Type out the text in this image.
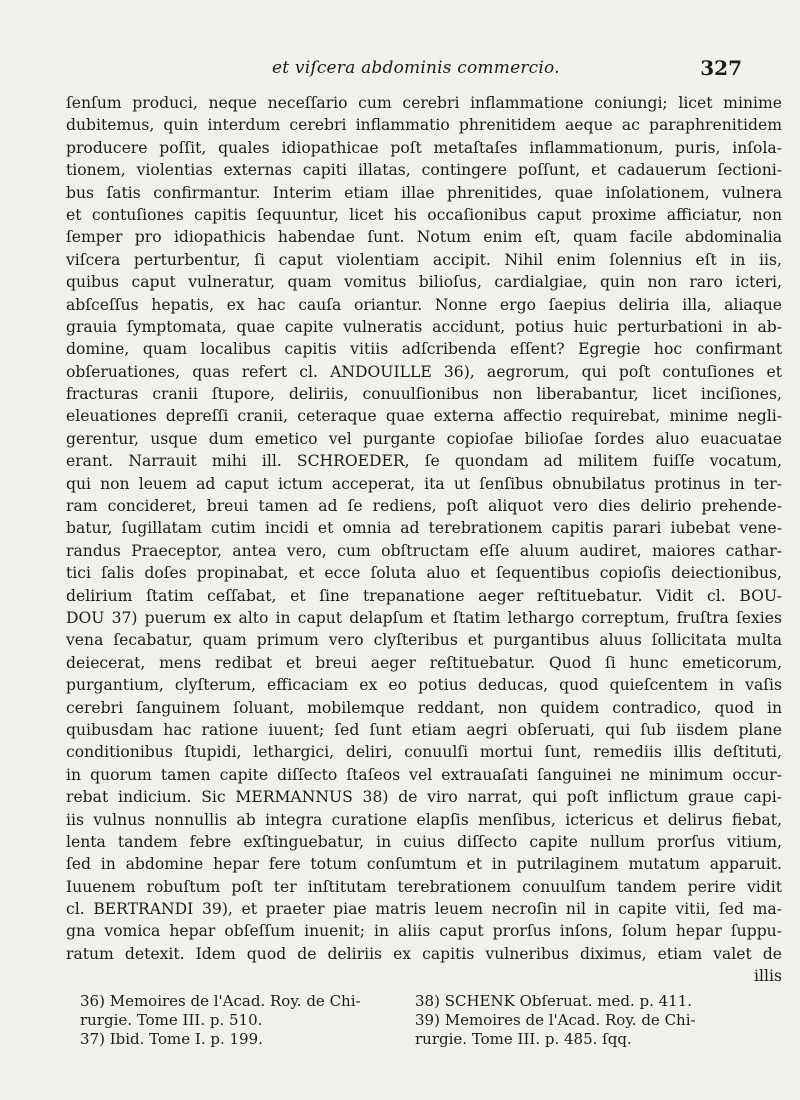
et viſcera abdominis commercio.	327
ſenſum produci, neque neceſſario cum cerebri inflammatione coniungi; licet minime
dubitemus, quin interdum cerebri inflammatio phrenitidem aeque ac paraphrenitidem
producere poſſit, quales idiopathicae poſt metaſtaſes inflammationum, puris, inſola-
tionem, violentias externas capiti illatas, contingere poſſunt, et cadauerum ſectioni-
bus ſatis confirmantur. Interim etiam illae phrenitides, quae inſolationem, vulnera
et contuſiones capitis ſequuntur, licet his occaſionibus caput proxime afficiatur, non
ſemper pro idiopathicis habendae ſunt. Notum enim eſt, quam facile abdominalia
viſcera perturbentur, ſi caput violentiam accipit. Nihil enim ſolennius eſt in iis,
quibus caput vulneratur, quam vomitus bilioſus, cardialgiae, quin non raro icteri,
abſceſſus hepatis, ex hac cauſa oriantur. Nonne ergo ſaepius deliria illa, aliaque
grauia ſymptomata, quae capite vulneratis accidunt, potius huic perturbationi in ab-
domine, quam localibus capitis vitiis adſcribenda eſſent? Egregie hoc confirmant
obſeruationes, quas refert cl. ANDOUILLE 36), aegrorum, qui poſt contuſiones et
fracturas cranii ſtupore, deliriis, conuulſionibus non liberabantur, licet inciſiones,
eleuationes depreſſi cranii, ceteraque quae externa affectio requirebat, minime negli-
gerentur, usque dum emetico vel purgante copioſae bilioſae ſordes aluo euacuatae
erant. Narrauit mihi ill. SCHROEDER, ſe quondam ad militem fuiſſe vocatum,
qui non leuem ad caput ictum acceperat, ita ut ſenſibus obnubilatus protinus in ter-
ram concideret, breui tamen ad ſe rediens, poſt aliquot vero dies delirio prehende-
batur, ſugillatam cutim incidi et omnia ad terebrationem capitis parari iubebat vene-
randus Praeceptor, antea vero, cum obſtructam eſſe aluum audiret, maiores cathar-
tici ſalis doſes propinabat, et ecce ſoluta aluo et ſequentibus copioſis deiectionibus,
delirium ſtatim ceſſabat, et ſine trepanatione aeger reſtituebatur. Vidit cl. BOU-
DOU 37) puerum ex alto in caput delapſum et ſtatim lethargo correptum, fruſtra ſexies
vena ſecabatur, quam primum vero clyſteribus et purgantibus aluus ſollicitata multa
deiecerat, mens redibat et breui aeger reſtituebatur. Quod ſi hunc emeticorum,
purgantium, clyſterum, efficaciam ex eo potius deducas, quod quieſcentem in vaſis
cerebri ſanguinem ſoluant, mobilemque reddant, non quidem contradico, quod in
quibusdam hac ratione iuuent; ſed ſunt etiam aegri obſeruati, qui ſub iisdem plane
conditionibus ſtupidi, lethargici, deliri, conuulſi mortui ſunt, remediis illis deſtituti,
in quorum tamen capite diſſecto ſtaſeos vel extrauaſati ſanguinei ne minimum occur-
rebat indicium. Sic MERMANNUS 38) de viro narrat, qui poſt inflictum graue capi-
iis vulnus nonnullis ab integra curatione elapſis menſibus, ictericus et delirus fiebat,
lenta tandem febre exſtinguebatur, in cuius diſſecto capite nullum prorſus vitium,
ſed in abdomine hepar fere totum conſumtum et in putrilaginem mutatum apparuit.
Iuuenem robuſtum poſt ter inſtitutam terebrationem conuulſum tandem perire vidit
cl. BERTRANDI 39), et praeter piae matris leuem necroſin nil in capite vitii, ſed ma-
gna vomica hepar obſeſſum inuenit; in aliis caput prorſus inſons, ſolum hepar ſuppu-
ratum detexit. Idem quod de deliriis ex capitis vulneribus diximus, etiam valet de
illis
36) Memoires de l'Acad. Roy. de Chi-
rurgie. Tome III. p. 510.
37) Ibid. Tome I. p. 199.
38) SCHENK Obſeruat. med. p. 411.
39) Memoires de l'Acad. Roy. de Chi-
rurgie. Tome III. p. 485. ſqq.
